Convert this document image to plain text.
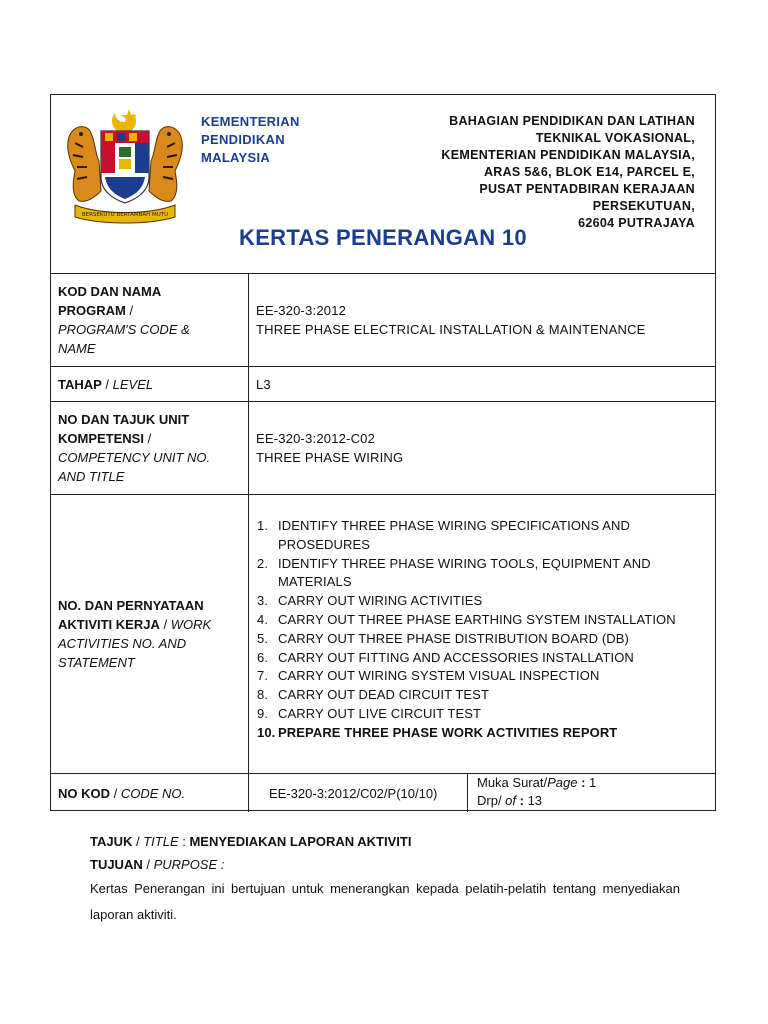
BERSEKUTU BERTAMBAH MUTU
KEMENTERIAN
PENDIDIKAN
MALAYSIA
BAHAGIAN PENDIDIKAN DAN LATIHAN
TEKNIKAL VOKASIONAL,
KEMENTERIAN PENDIDIKAN MALAYSIA,
ARAS 5&6, BLOK E14, PARCEL E,
PUSAT PENTADBIRAN KERAJAAN
PERSEKUTUAN,
62604 PUTRAJAYA
KERTAS PENERANGAN 10
KOD DAN NAMA
PROGRAM /
PROGRAM'S CODE &
NAME
EE-320-3:2012
THREE PHASE ELECTRICAL INSTALLATION & MAINTENANCE
TAHAP / LEVEL	L3
NO DAN TAJUK UNIT
KOMPETENSI /
COMPETENCY UNIT NO.
AND TITLE
EE-320-3:2012-C02
THREE PHASE WIRING
NO. DAN PERNYATAAN
AKTIVITI KERJA / WORK
ACTIVITIES NO. AND
STATEMENT
1. IDENTIFY THREE PHASE WIRING SPECIFICATIONS AND
PROSEDURES
2. IDENTIFY THREE PHASE WIRING TOOLS, EQUIPMENT AND
MATERIALS
3. CARRY OUT WIRING ACTIVITIES
4. CARRY OUT THREE PHASE EARTHING SYSTEM INSTALLATION
5. CARRY OUT THREE PHASE DISTRIBUTION BOARD (DB)
6. CARRY OUT FITTING AND ACCESSORIES INSTALLATION
7. CARRY OUT WIRING SYSTEM VISUAL INSPECTION
8. CARRY OUT DEAD CIRCUIT TEST
9. CARRY OUT LIVE CIRCUIT TEST
10. PREPARE THREE PHASE WORK ACTIVITIES REPORT
NO KOD / CODE NO.	EE-320-3:2012/C02/P(10/10)
Muka Surat/Page : 1
Drp/ of : 13
TAJUK / TITLE : MENYEDIAKAN LAPORAN AKTIVITI
TUJUAN / PURPOSE :
Kertas Penerangan ini bertujuan untuk menerangkan kepada pelatih-pelatih tentang menyediakan laporan aktiviti.
